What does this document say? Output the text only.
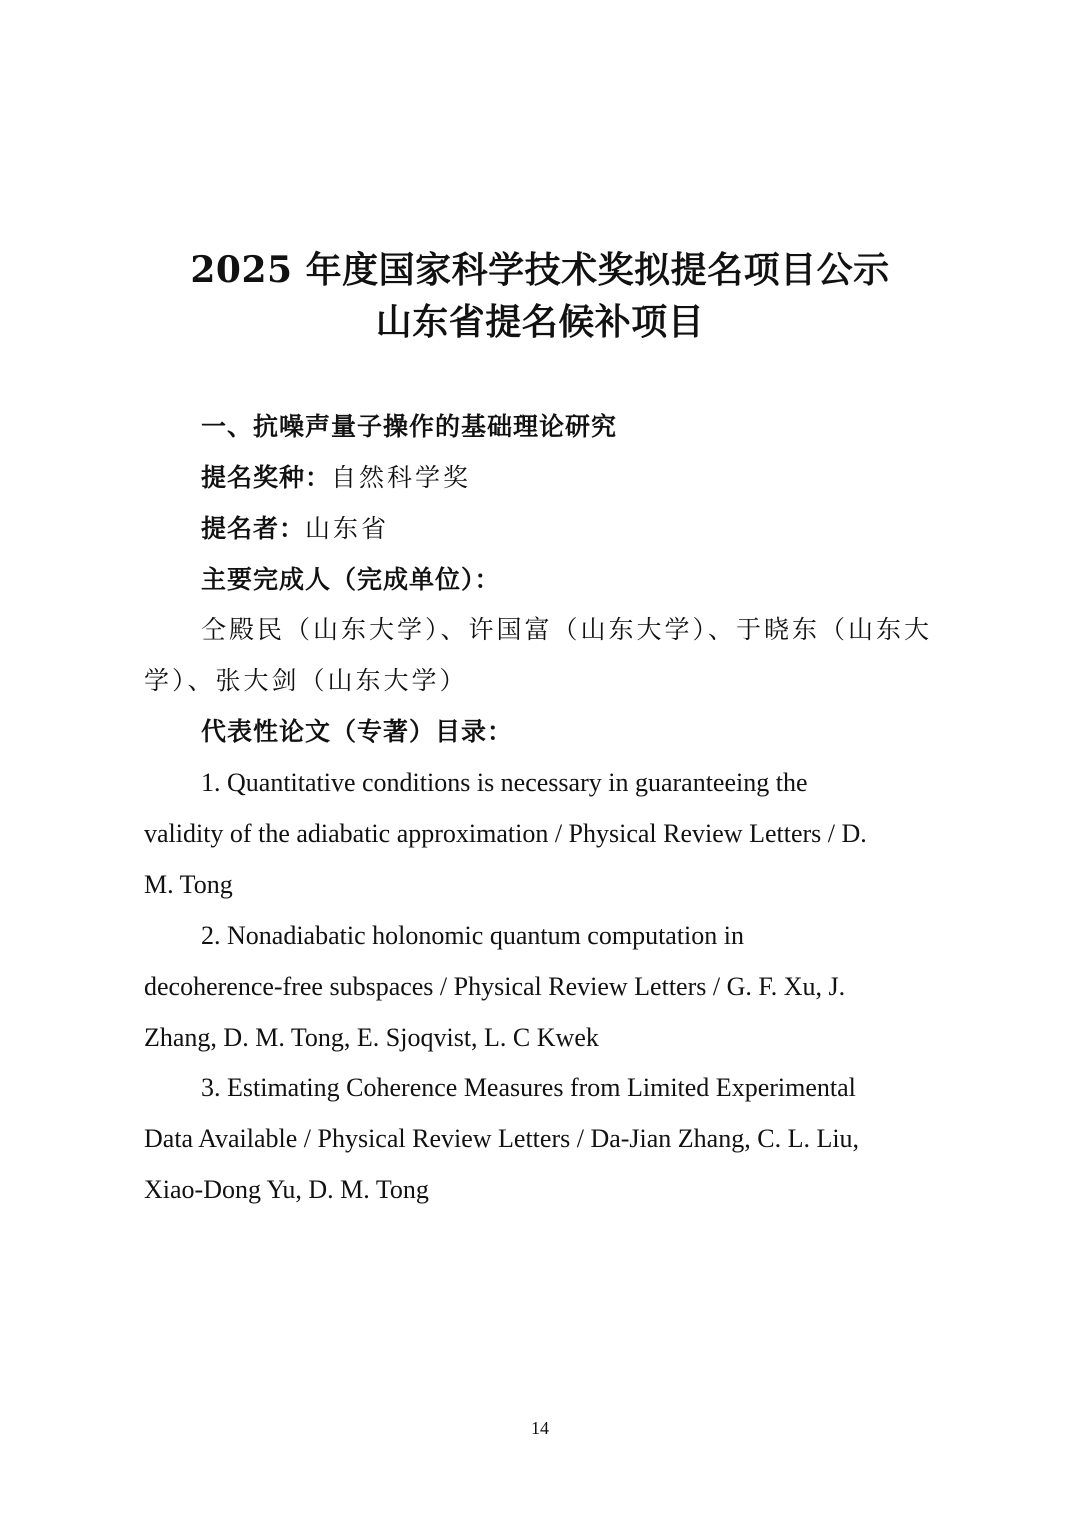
2025 年度国家科学技术奖拟提名项目公示
山东省提名候补项目
一、抗噪声量子操作的基础理论研究
提名奖种：自然科学奖
提名者：山东省
主要完成人（完成单位）：
仝殿民（山东大学）、许国富（山东大学）、于晓东（山东大
学）、张大剑（山东大学）
代表性论文（专著）目录：
1. Quantitative conditions is necessary in guaranteeing the
validity of the adiabatic approximation / Physical Review Letters / D.
M. Tong
2. Nonadiabatic holonomic quantum computation in
decoherence-free subspaces / Physical Review Letters / G. F. Xu, J.
Zhang, D. M. Tong, E. Sjoqvist, L. C Kwek
3. Estimating Coherence Measures from Limited Experimental
Data Available / Physical Review Letters / Da-Jian Zhang, C. L. Liu,
Xiao-Dong Yu, D. M. Tong
14
